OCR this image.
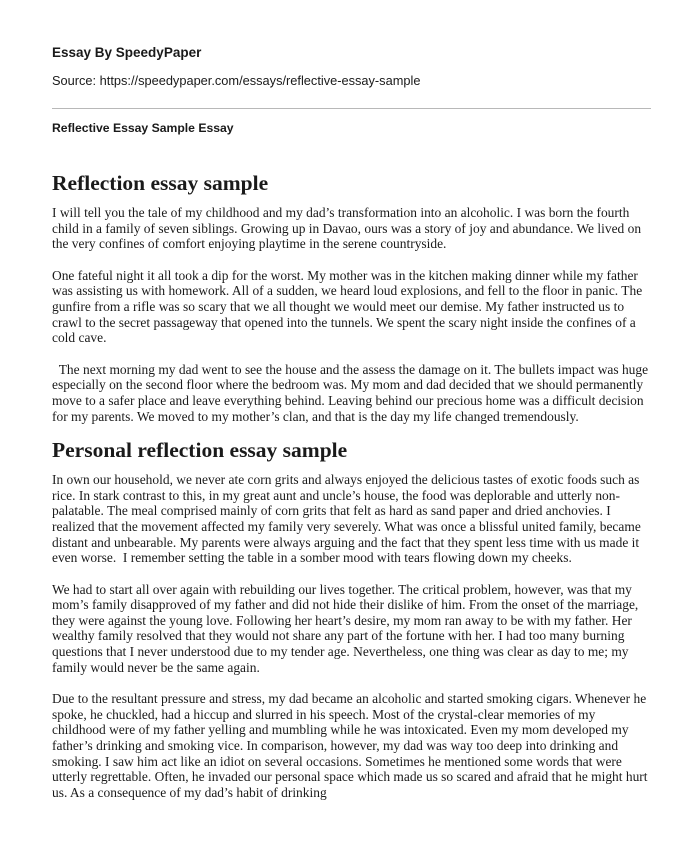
Essay By SpeedyPaper
Source: https://speedypaper.com/essays/reflective-essay-sample
Reflective Essay Sample Essay
Reflection essay sample

I will tell you the tale of my childhood and my dad’s transformation into an alcoholic. I was born the fourth child in a family of seven siblings. Growing up in Davao, ours was a story of joy and abundance. We lived on the very confines of comfort enjoying playtime in the serene countryside.

One fateful night it all took a dip for the worst. My mother was in the kitchen making dinner while my father was assisting us with homework. All of a sudden, we heard loud explosions, and fell to the floor in panic. The gunfire from a rifle was so scary that we all thought we would meet our demise. My father instructed us to crawl to the secret passageway that opened into the tunnels. We spent the scary night inside the confines of a cold cave.

The next morning my dad went to see the house and the assess the damage on it. The bullets impact was huge especially on the second floor where the bedroom was. My mom and dad decided that we should permanently move to a safer place and leave everything behind. Leaving behind our precious home was a difficult decision for my parents. We moved to my mother’s clan, and that is the day my life changed tremendously.

Personal reflection essay sample

In own our household, we never ate corn grits and always enjoyed the delicious tastes of exotic foods such as rice. In stark contrast to this, in my great aunt and uncle’s house, the food was deplorable and utterly non-palatable. The meal comprised mainly of corn grits that felt as hard as sand paper and dried anchovies. I realized that the movement affected my family very severely. What was once a blissful united family, became distant and unbearable. My parents were always arguing and the fact that they spent less time with us made it even worse.  I remember setting the table in a somber mood with tears flowing down my cheeks.

We had to start all over again with rebuilding our lives together. The critical problem, however, was that my mom’s family disapproved of my father and did not hide their dislike of him. From the onset of the marriage, they were against the young love. Following her heart’s desire, my mom ran away to be with my father. Her wealthy family resolved that they would not share any part of the fortune with her. I had too many burning questions that I never understood due to my tender age. Nevertheless, one thing was clear as day to me; my family would never be the same again.

Due to the resultant pressure and stress, my dad became an alcoholic and started smoking cigars. Whenever he spoke, he chuckled, had a hiccup and slurred in his speech. Most of the crystal-clear memories of my childhood were of my father yelling and mumbling while he was intoxicated. Even my mom developed my father’s drinking and smoking vice. In comparison, however, my dad was way too deep into drinking and smoking. I saw him act like an idiot on several occasions. Sometimes he mentioned some words that were utterly regrettable. Often, he invaded our personal space which made us so scared and afraid that he might hurt us. As a consequence of my dad’s habit of drinking
